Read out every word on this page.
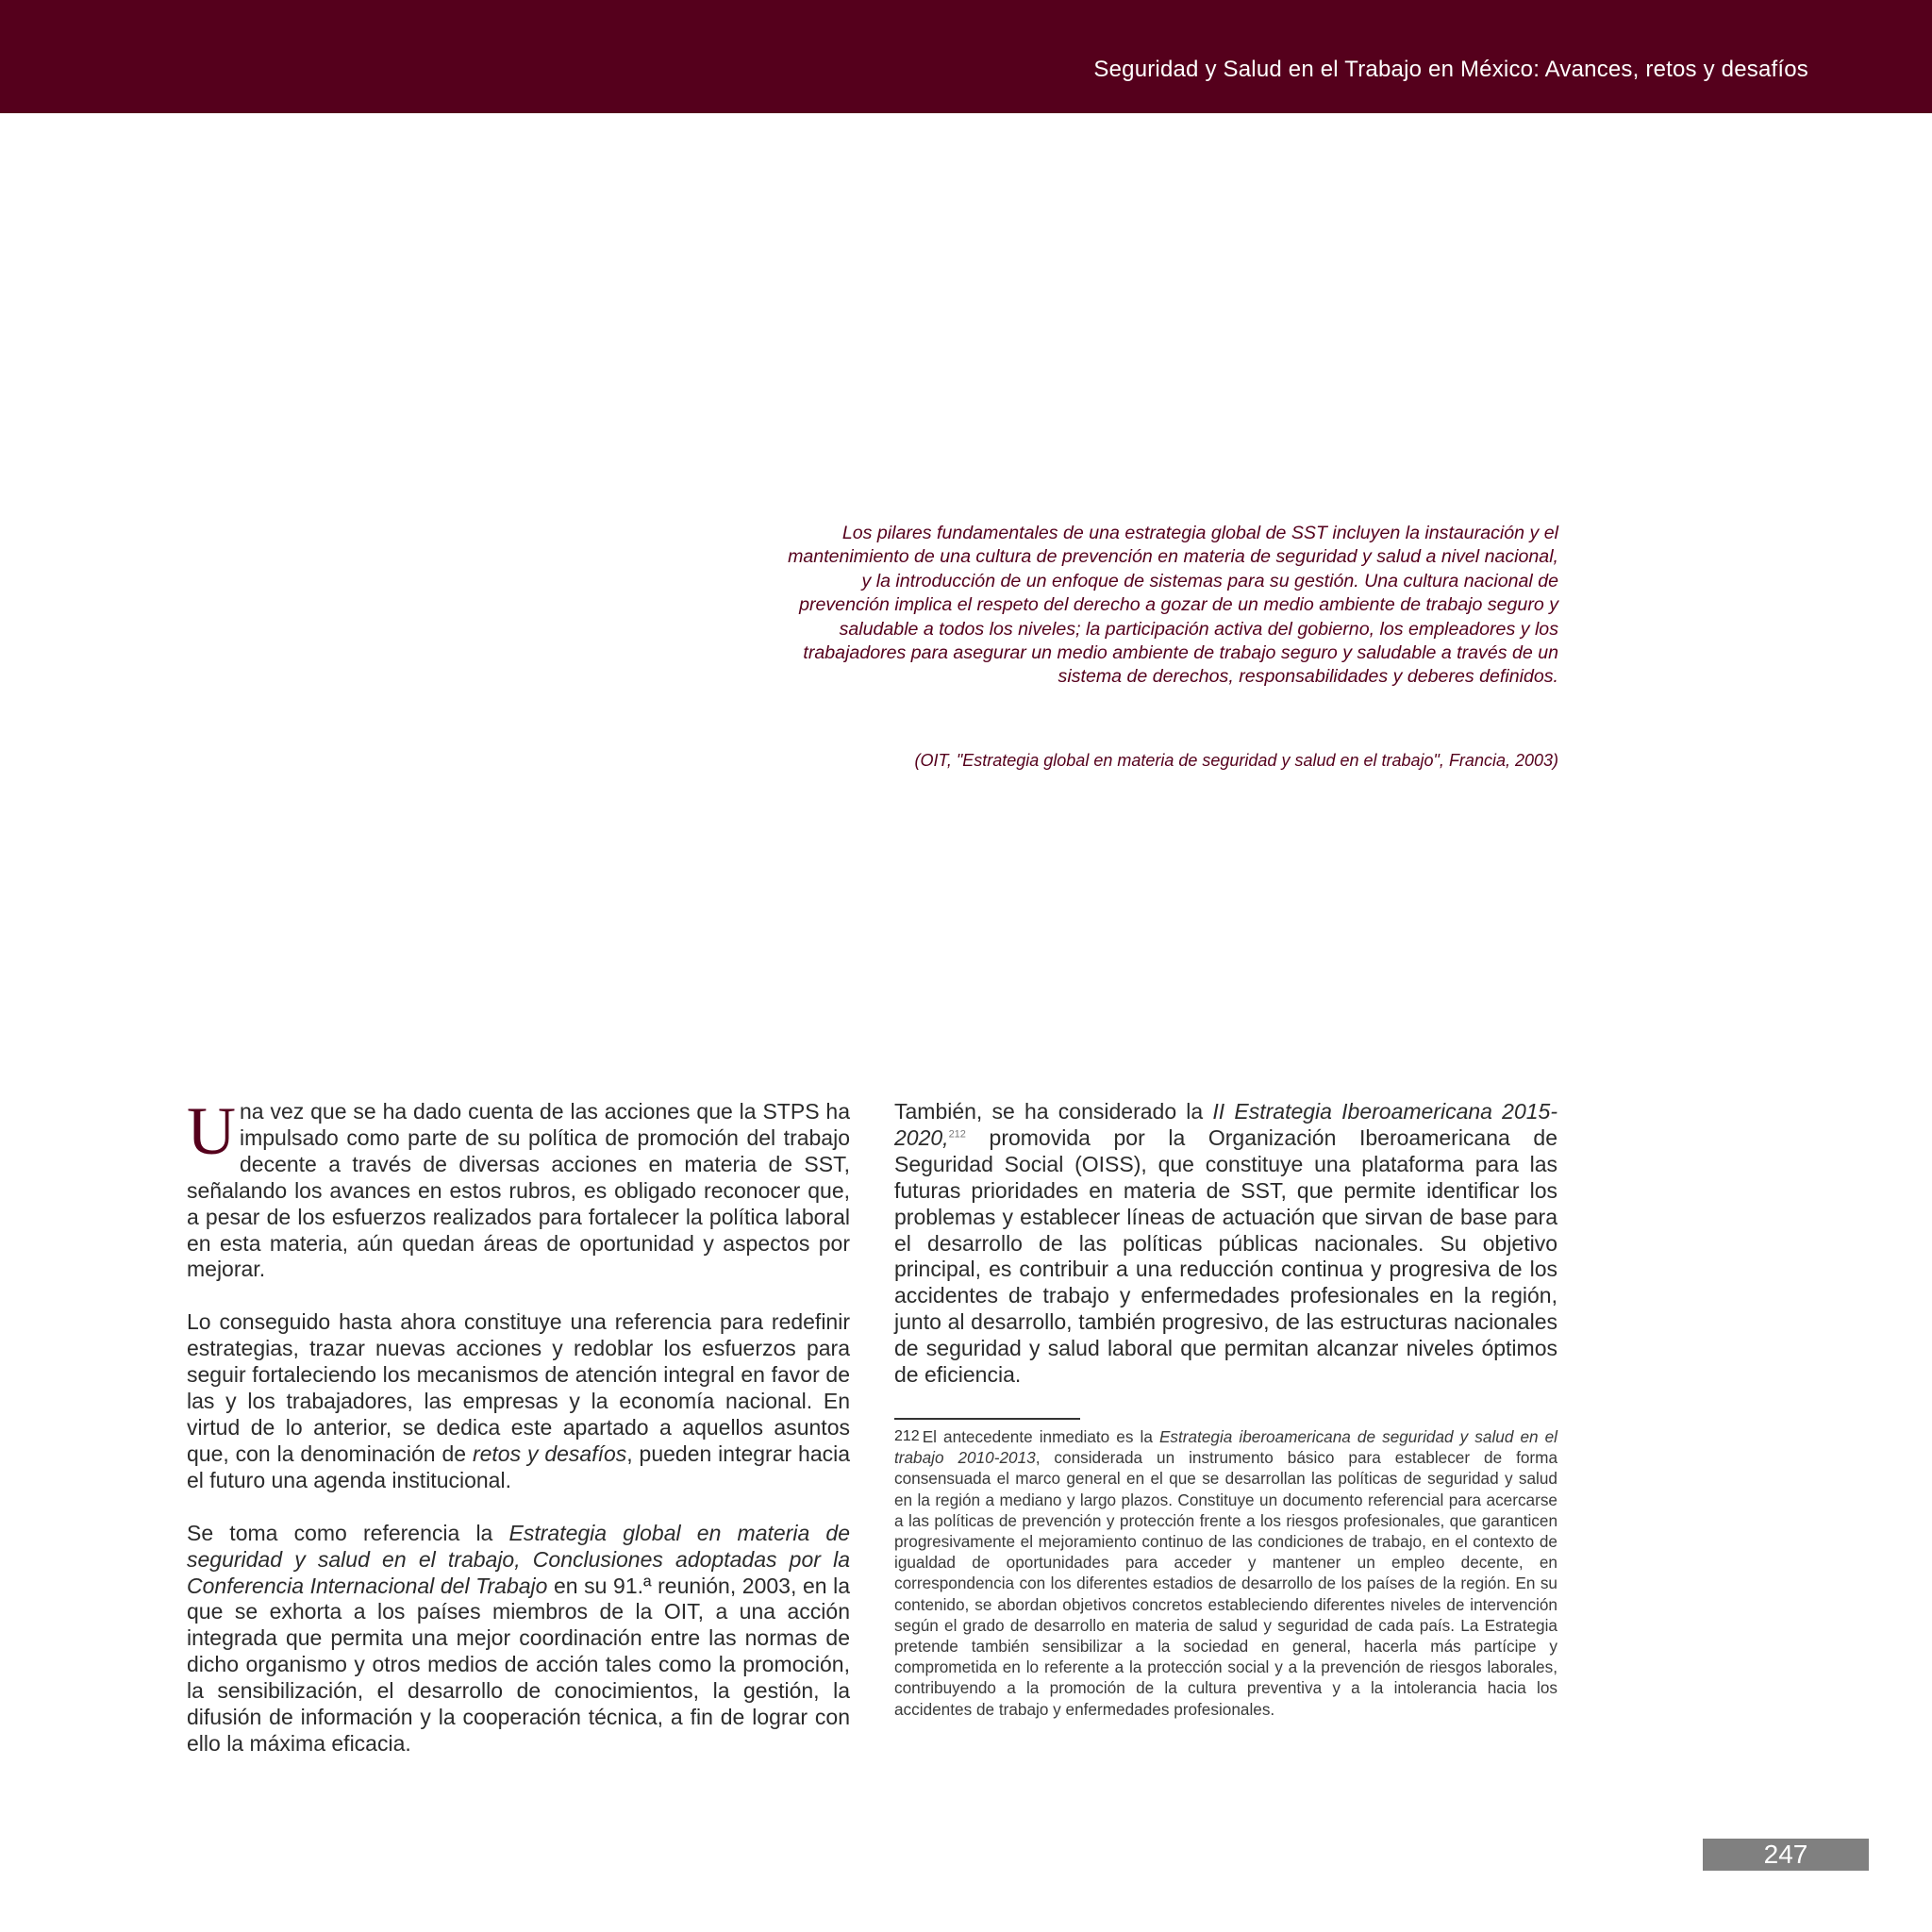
Seguridad y Salud en el Trabajo en México: Avances, retos y desafíos
Los pilares fundamentales de una estrategia global de SST incluyen la instauración y el mantenimiento de una cultura de prevención en materia de seguridad y salud a nivel nacional, y la introducción de un enfoque de sistemas para su gestión. Una cultura nacional de prevención implica el respeto del derecho a gozar de un medio ambiente de trabajo seguro y saludable a todos los niveles; la participación activa del gobierno, los empleadores y los trabajadores para asegurar un medio ambiente de trabajo seguro y saludable a través de un sistema de derechos, responsabilidades y deberes definidos.
(OIT, "Estrategia global en materia de seguridad y salud en el trabajo", Francia, 2003)

Una vez que se ha dado cuenta de las acciones que la STPS ha impulsado como parte de su política de promoción del trabajo decente a través de diversas acciones en materia de SST, señalando los avances en estos rubros, es obligado reconocer que, a pesar de los esfuerzos realizados para fortalecer la política laboral en esta materia, aún quedan áreas de oportunidad y aspectos por mejorar.

Lo conseguido hasta ahora constituye una referencia para redefinir estrategias, trazar nuevas acciones y redoblar los esfuerzos para seguir fortaleciendo los mecanismos de atención integral en favor de las y los trabajadores, las empresas y la economía nacional. En virtud de lo anterior, se dedica este apartado a aquellos asuntos que, con la denominación de retos y desafíos, pueden integrar hacia el futuro una agenda institucional.

Se toma como referencia la Estrategia global en materia de seguridad y salud en el trabajo, Conclusiones adoptadas por la Conferencia Internacional del Trabajo en su 91.ª reunión, 2003, en la que se exhorta a los países miembros de la OIT, a una acción integrada que permita una mejor coordinación entre las normas de dicho organismo y otros medios de acción tales como la promoción, la sensibilización, el desarrollo de conocimientos, la gestión, la difusión de información y la cooperación técnica, a fin de lograr con ello la máxima eficacia.

También, se ha considerado la II Estrategia Iberoamericana 2015-2020,$^{212}$ promovida por la Organización Iberoamericana de Seguridad Social (OISS), que constituye una plataforma para las futuras prioridades en materia de SST, que permite identificar los problemas y establecer líneas de actuación que sirvan de base para el desarrollo de las políticas públicas nacionales. Su objetivo principal, es contribuir a una reducción continua y progresiva de los accidentes de trabajo y enfermedades profesionales en la región, junto al desarrollo, también progresivo, de las estructuras nacionales de seguridad y salud laboral que permitan alcanzar niveles óptimos de eficiencia.

212 El antecedente inmediato es la Estrategia iberoamericana de seguridad y salud en el trabajo 2010-2013, considerada un instrumento básico para establecer de forma consensuada el marco general en el que se desarrollan las políticas de seguridad y salud en la región a mediano y largo plazos. Constituye un documento referencial para acercarse a las políticas de prevención y protección frente a los riesgos profesionales, que garanticen progresivamente el mejoramiento continuo de las condiciones de trabajo, en el contexto de igualdad de oportunidades para acceder y mantener un empleo decente, en correspondencia con los diferentes estadios de desarrollo de los países de la región. En su contenido, se abordan objetivos concretos estableciendo diferentes niveles de intervención según el grado de desarrollo en materia de salud y seguridad de cada país. La Estrategia pretende también sensibilizar a la sociedad en general, hacerla más partícipe y comprometida en lo referente a la protección social y a la prevención de riesgos laborales, contribuyendo a la promoción de la cultura preventiva y a la intolerancia hacia los accidentes de trabajo y enfermedades profesionales.
247
